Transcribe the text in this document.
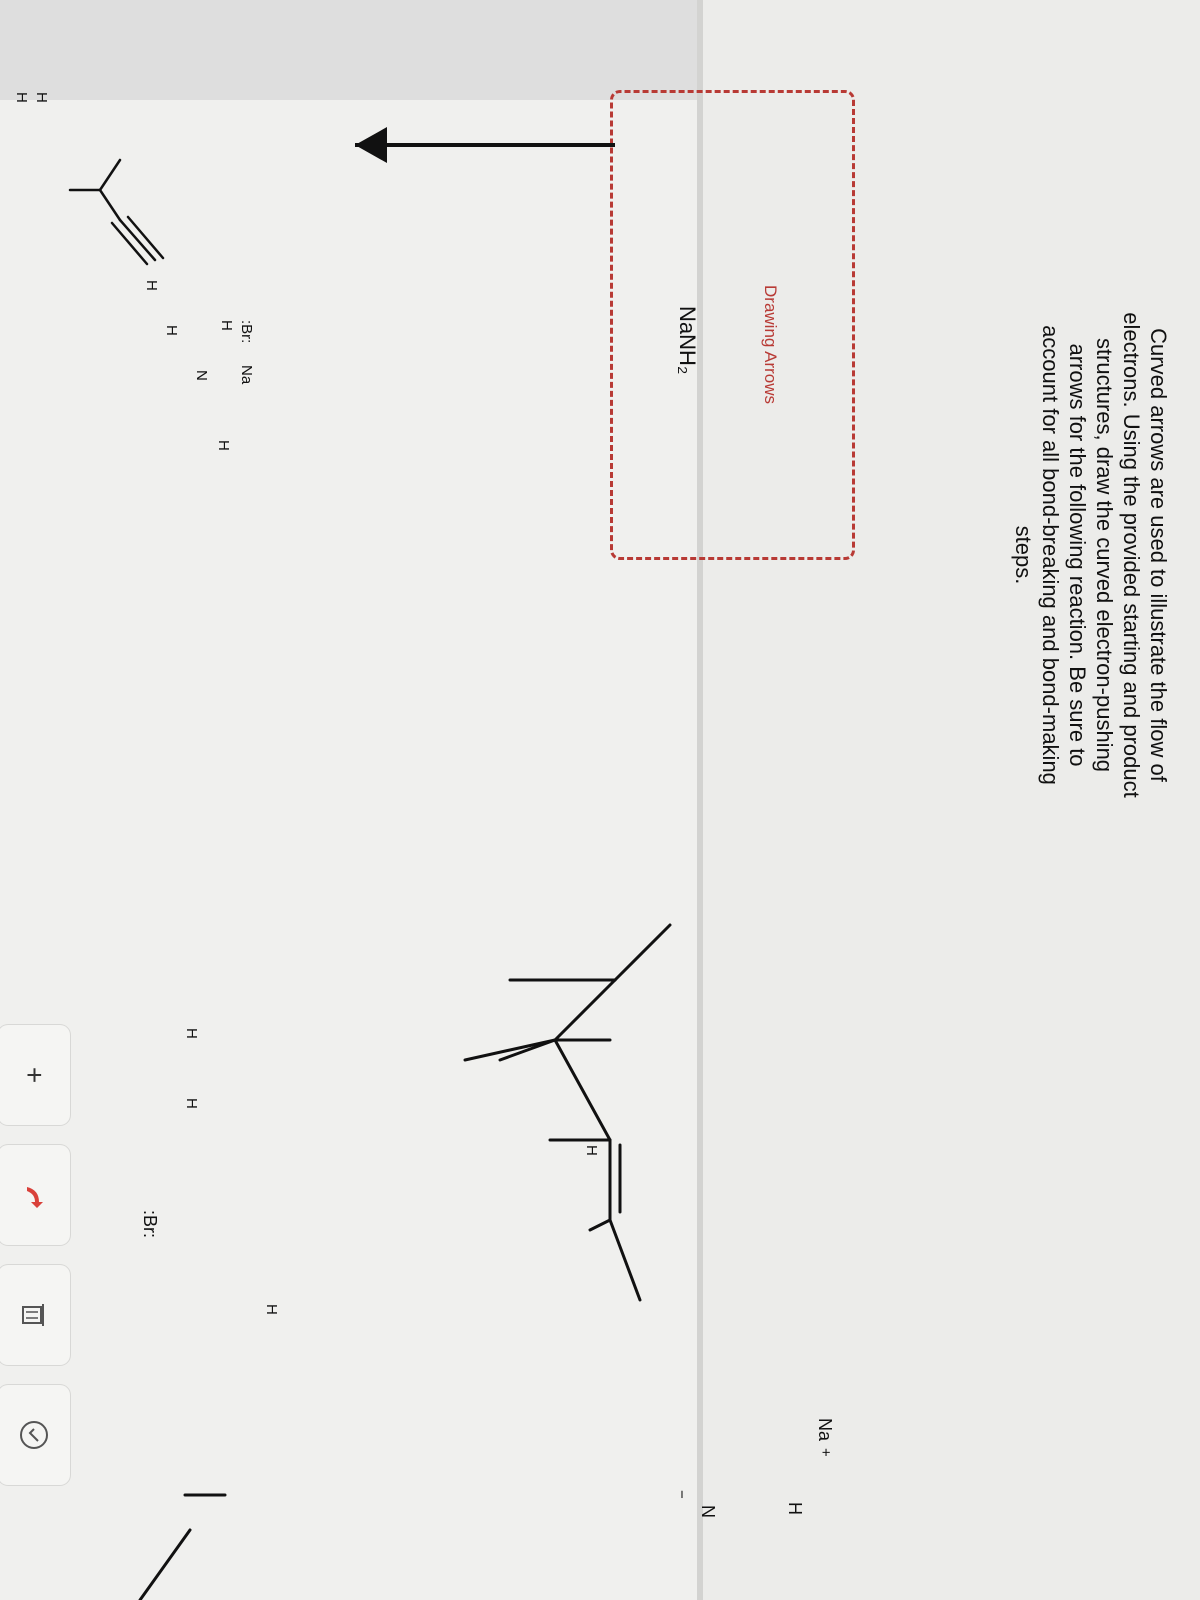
Curved arrows are used to illustrate the flow of
electrons. Using the provided starting and product
structures, draw the curved electron-pushing
arrows for the following reaction. Be sure to
account for all bond-breaking and bond-making
steps.
Drawing Arrows
NaNH₂
H
H
:Br:
H
H
Na
+
H
N
−
H
H
H
H
N
H
H	:Br:
Na
+
